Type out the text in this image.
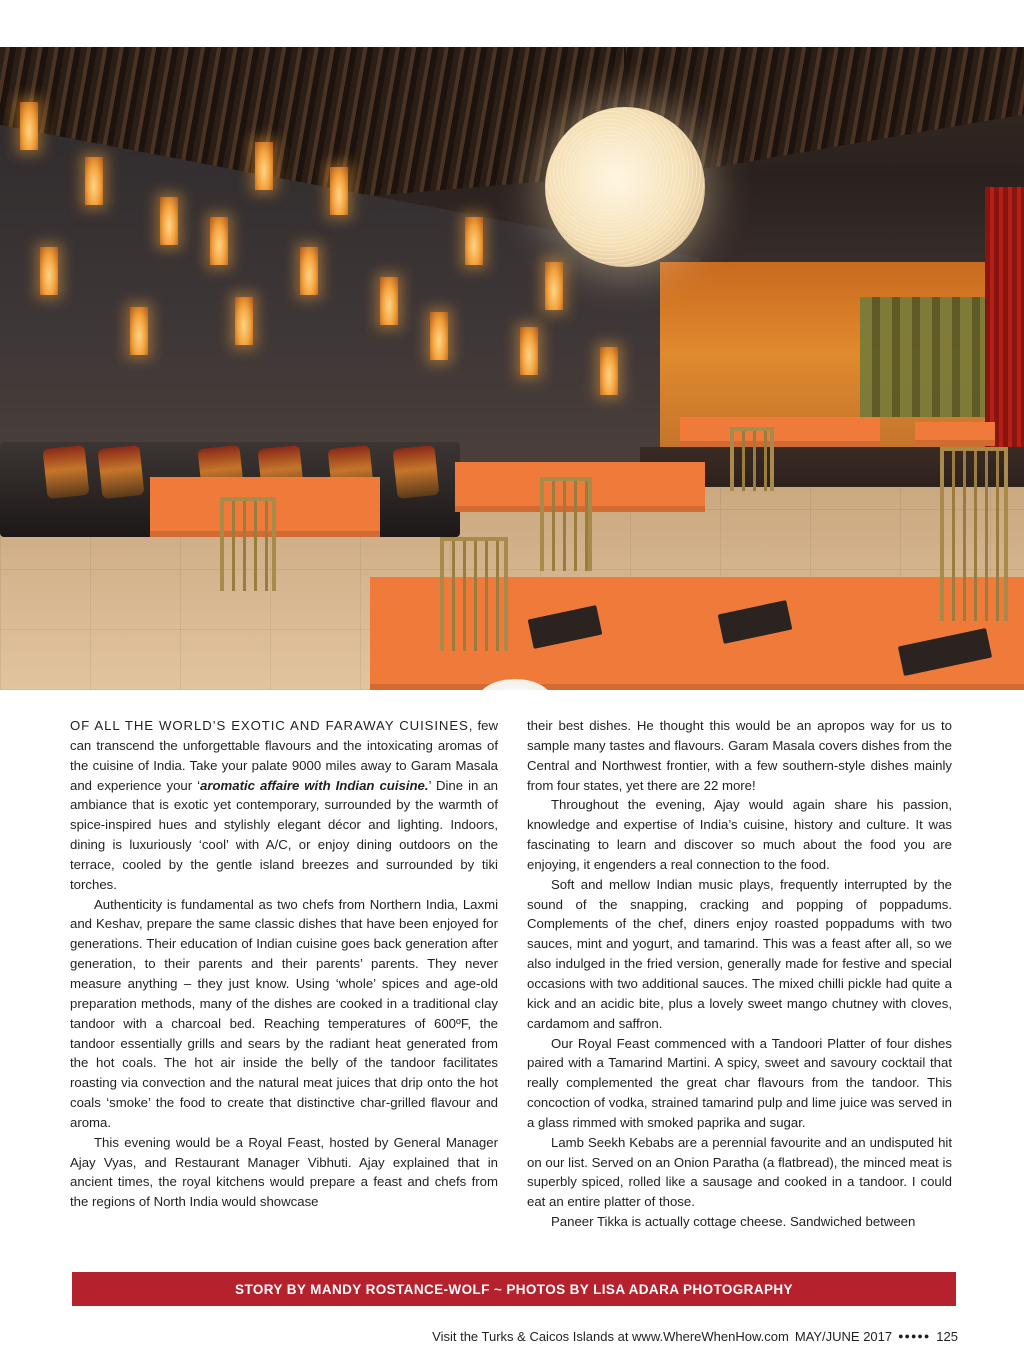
OF ALL THE WORLD’S EXOTIC AND FARAWAY CUISINES, few can transcend the unforgettable flavours and the intoxicating aromas of the cuisine of India. Take your palate 9000 miles away to Garam Masala and experience your ‘aromatic affaire with Indian cuisine.’ Dine in an ambiance that is exotic yet contemporary, surrounded by the warmth of spice-inspired hues and stylishly elegant décor and lighting. Indoors, dining is luxuriously ‘cool’ with A/C, or enjoy dining outdoors on the terrace, cooled by the gentle island breezes and surrounded by tiki torches.

Authenticity is fundamental as two chefs from Northern India, Laxmi and Keshav, prepare the same classic dishes that have been enjoyed for generations. Their education of Indian cuisine goes back generation after generation, to their parents and their parents’ parents. They never measure anything – they just know. Using ‘whole’ spices and age-old preparation methods, many of the dishes are cooked in a traditional clay tandoor with a charcoal bed. Reaching temperatures of 600ºF, the tandoor essentially grills and sears by the radiant heat generated from the hot coals. The hot air inside the belly of the tandoor facilitates roasting via convection and the natural meat juices that drip onto the hot coals ‘smoke’ the food to create that distinctive char-grilled flavour and aroma.

This evening would be a Royal Feast, hosted by General Manager Ajay Vyas, and Restaurant Manager Vibhuti. Ajay explained that in ancient times, the royal kitchens would prepare a feast and chefs from the regions of North India would showcase

their best dishes. He thought this would be an apropos way for us to sample many tastes and flavours. Garam Masala covers dishes from the Central and Northwest frontier, with a few southern-style dishes mainly from four states, yet there are 22 more!

Throughout the evening, Ajay would again share his passion, knowledge and expertise of India’s cuisine, history and culture. It was fascinating to learn and discover so much about the food you are enjoying, it engenders a real connection to the food.

Soft and mellow Indian music plays, frequently interrupted by the sound of the snapping, cracking and popping of poppadums. Complements of the chef, diners enjoy roasted poppadums with two sauces, mint and yogurt, and tamarind. This was a feast after all, so we also indulged in the fried version, generally made for festive and special occasions with two additional sauces. The mixed chilli pickle had quite a kick and an acidic bite, plus a lovely sweet mango chutney with cloves, cardamom and saffron.

Our Royal Feast commenced with a Tandoori Platter of four dishes paired with a Tamarind Martini. A spicy, sweet and savoury cocktail that really complemented the great char flavours from the tandoor. This concoction of vodka, strained tamarind pulp and lime juice was served in a glass rimmed with smoked paprika and sugar.

Lamb Seekh Kebabs are a perennial favourite and an undisputed hit on our list. Served on an Onion Paratha (a flatbread), the minced meat is superbly spiced, rolled like a sausage and cooked in a tandoor. I could eat an entire platter of those.

Paneer Tikka is actually cottage cheese. Sandwiched between

STORY BY MANDY ROSTANCE-WOLF ~ PHOTOS BY LISA ADARA PHOTOGRAPHY
Visit the Turks & Caicos Islands at www.WhereWhenHow.com MAY/JUNE 2017 ●●●●● 125
